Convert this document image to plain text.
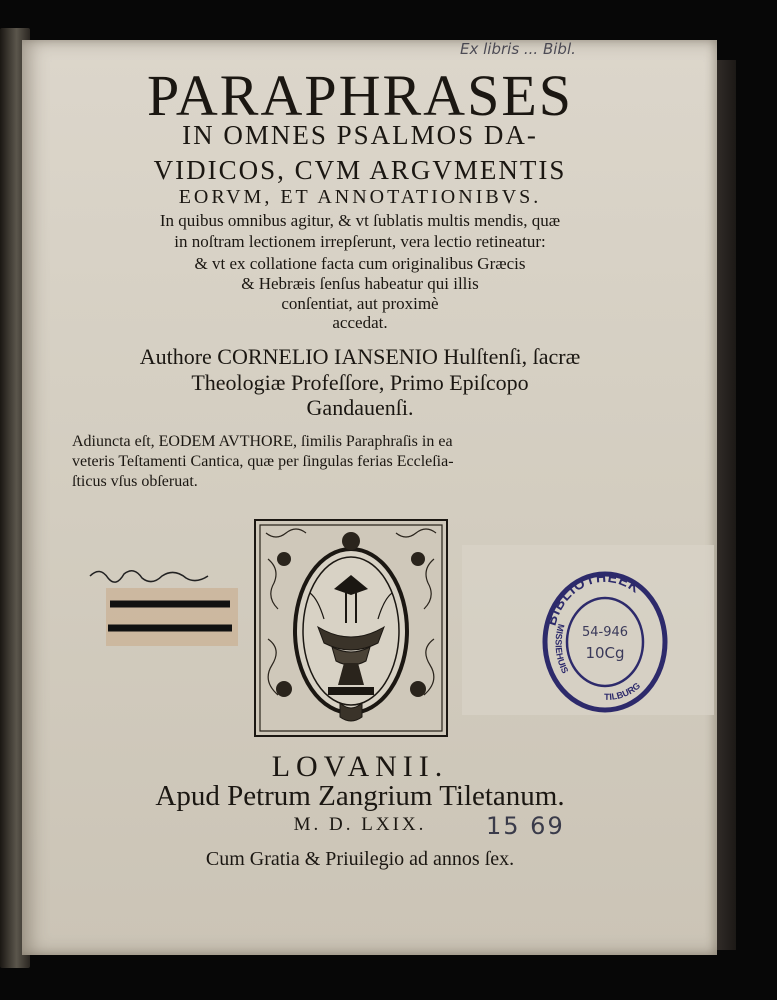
Ex libris ... Bibl.
PARAPHRASES
IN OMNES PSALMOS DA-
VIDICOS, CVM ARGVMENTIS
EORVM, ET ANNOTATIONIBVS.
In quibus omnibus agitur, & vt ſublatis multis mendis, quæ
in noſtram lectionem irrepſerunt, vera lectio retineatur:
& vt ex collatione facta cum originalibus Græcis
& Hebræis ſenſus habeatur qui illis
conſentiat, aut proximè
accedat.
Authore CORNELIO IANSENIO Hulſtenſi, ſacræ
Theologiæ Profeſſore, Primo Epiſcopo
Gandauenſi.
Adiuncta eſt, EODEM AVTHORE, ſimilis Paraphraſis in ea
veteris Teſtamenti Cantica, quæ per ſingulas ferias Eccleſia-
ſticus vſus obſeruat.
BIBLIOTHEEK
MISSIEHUIS
TILBURG
54-946
10Cg
LOVANII.
Apud Petrum Zangrium Tiletanum.
M. D. LXIX.	15 69
Cum Gratia & Priuilegio ad annos ſex.
